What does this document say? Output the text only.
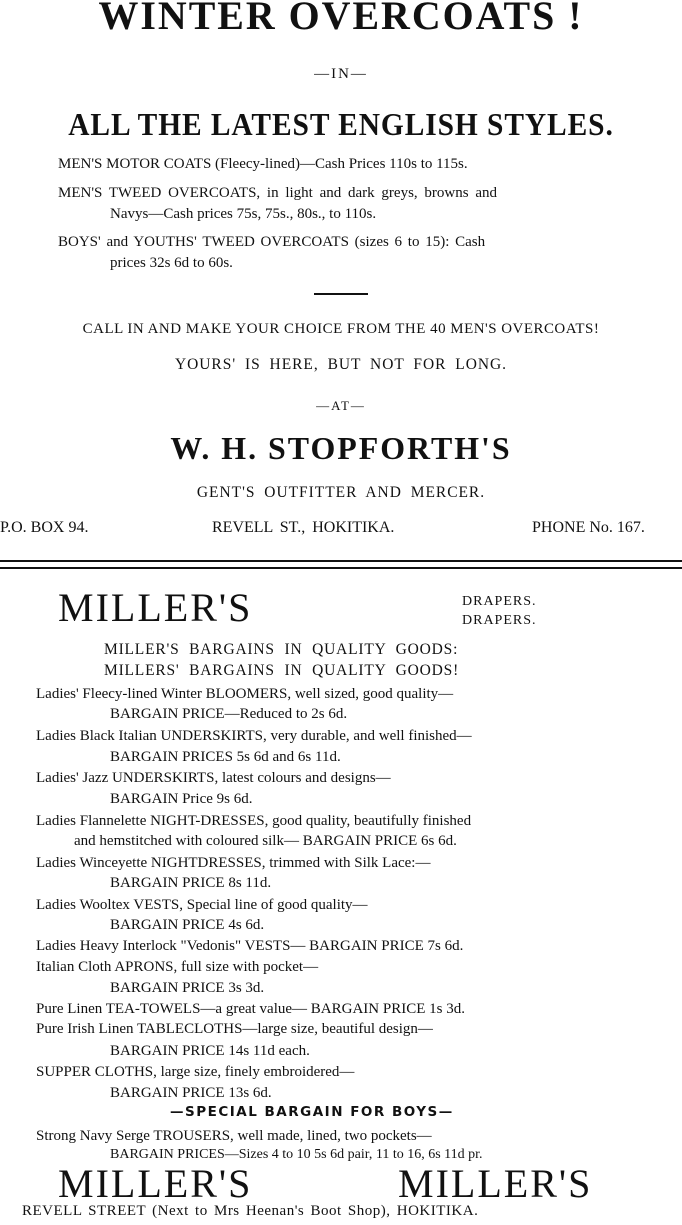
WINTER OVERCOATS !
—IN—
ALL THE LATEST ENGLISH STYLES.
MEN'S MOTOR COATS (Fleecy-lined)—Cash Prices 110s to 115s.
MEN'S TWEED OVERCOATS, in light and dark greys, browns and
Navys—Cash prices 75s, 75s., 80s., to 110s.
BOYS' and YOUTHS' TWEED OVERCOATS (sizes 6 to 15): Cash
prices 32s 6d to 60s.
CALL IN AND MAKE YOUR CHOICE FROM THE 40 MEN'S OVERCOATS!
YOURS' IS HERE, BUT NOT FOR LONG.
—AT—
W. H. STOPFORTH'S
GENT'S OUTFITTER AND MERCER.
P.O. BOX 94.	REVELL ST., HOKITIKA.	PHONE No. 167.
MILLER'S	DRAPERS.
DRAPERS.
MILLER'S BARGAINS IN QUALITY GOODS:
MILLERS' BARGAINS IN QUALITY GOODS!
Ladies' Fleecy-lined Winter BLOOMERS, well sized, good quality—
BARGAIN PRICE—Reduced to 2s 6d.
Ladies Black Italian UNDERSKIRTS, very durable, and well finished—
BARGAIN PRICES 5s 6d and 6s 11d.
Ladies' Jazz UNDERSKIRTS, latest colours and designs—
BARGAIN Price 9s 6d.
Ladies Flannelette NIGHT-DRESSES, good quality, beautifully finished
and hemstitched with coloured silk— BARGAIN PRICE 6s 6d.
Ladies Winceyette NIGHTDRESSES, trimmed with Silk Lace:—
BARGAIN PRICE 8s 11d.
Ladies Wooltex VESTS, Special line of good quality—
BARGAIN PRICE 4s 6d.
Ladies Heavy Interlock "Vedonis" VESTS— BARGAIN PRICE 7s 6d.
Italian Cloth APRONS, full size with pocket—
BARGAIN PRICE 3s 3d.
Pure Linen TEA-TOWELS—a great value— BARGAIN PRICE 1s 3d.
Pure Irish Linen TABLECLOTHS—large size, beautiful design—
BARGAIN PRICE 14s 11d each.
SUPPER CLOTHS, large size, finely embroidered—
BARGAIN PRICE 13s 6d.
—SPECIAL BARGAIN FOR BOYS—
Strong Navy Serge TROUSERS, well made, lined, two pockets—
BARGAIN PRICES—Sizes 4 to 10 5s 6d pair, 11 to 16, 6s 11d pr.
MILLER'S	MILLER'S
REVELL STREET (Next to Mrs Heenan's Boot Shop), HOKITIKA.
